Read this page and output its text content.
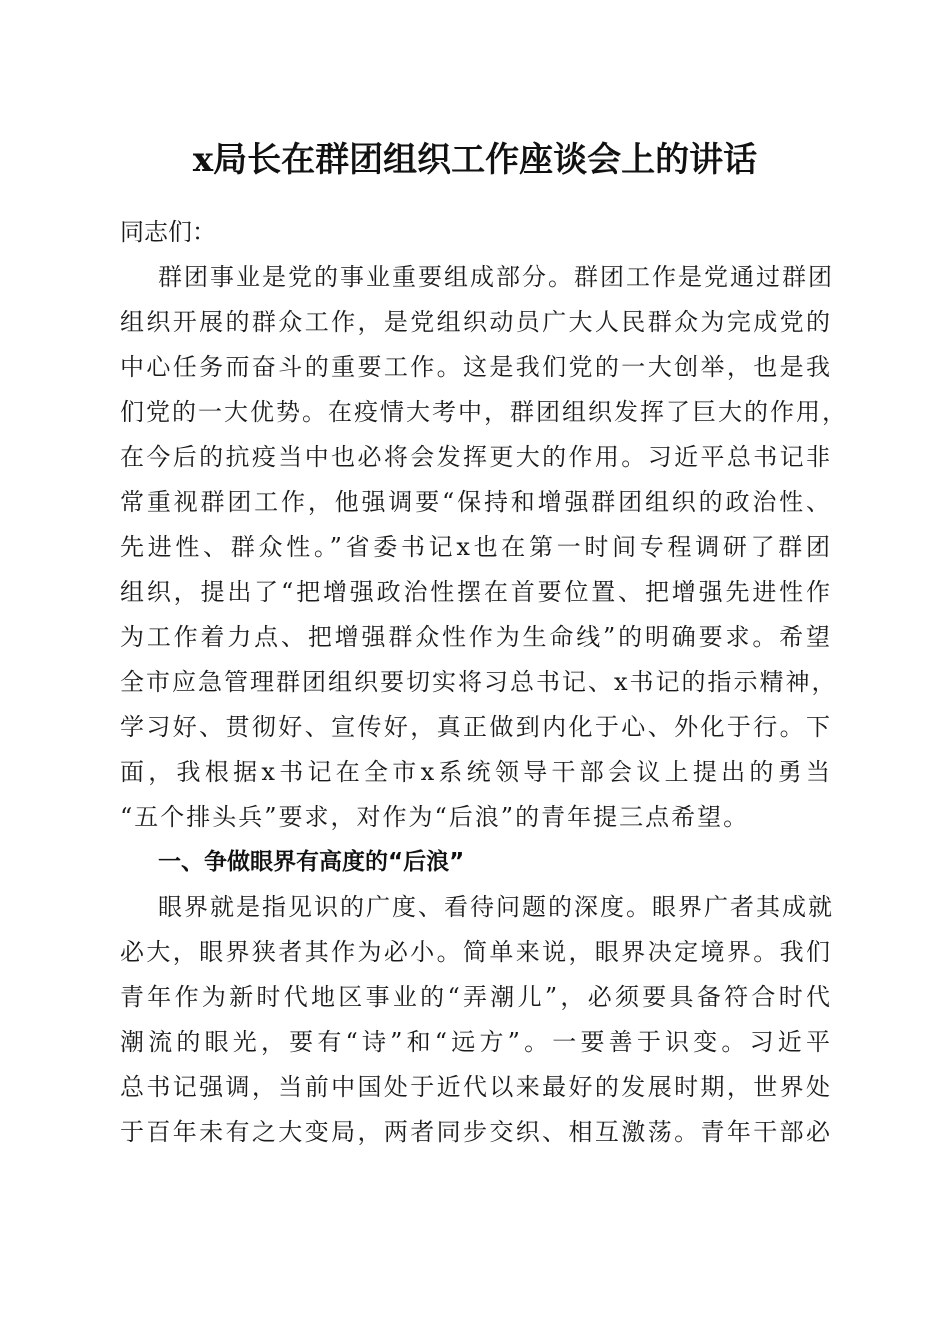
x局长在群团组织工作座谈会上的讲话

同志们：

群团事业是党的事业重要组成部分。群团工作是党通过群团
组织开展的群众工作，是党组织动员广大人民群众为完成党的
中心任务而奋斗的重要工作。这是我们党的一大创举，也是我
们党的一大优势。在疫情大考中，群团组织发挥了巨大的作用，
在今后的抗疫当中也必将会发挥更大的作用。习近平总书记非
常重视群团工作，他强调要“保持和增强群团组织的政治性、
先进性、群众性。”省委书记x也在第一时间专程调研了群团
组织，提出了“把增强政治性摆在首要位置、把增强先进性作
为工作着力点、把增强群众性作为生命线”的明确要求。希望
全市应急管理群团组织要切实将习总书记、x书记的指示精神，
学习好、贯彻好、宣传好，真正做到内化于心、外化于行。下
面，我根据x书记在全市x系统领导干部会议上提出的勇当
“五个排头兵”要求，对作为“后浪”的青年提三点希望。

一、争做眼界有高度的“后浪”

眼界就是指见识的广度、看待问题的深度。眼界广者其成就
必大，眼界狭者其作为必小。简单来说，眼界决定境界。我们
青年作为新时代地区事业的“弄潮儿”，必须要具备符合时代
潮流的眼光，要有“诗”和“远方”。一要善于识变。习近平
总书记强调，当前中国处于近代以来最好的发展时期，世界处
于百年未有之大变局，两者同步交织、相互激荡。青年干部必
